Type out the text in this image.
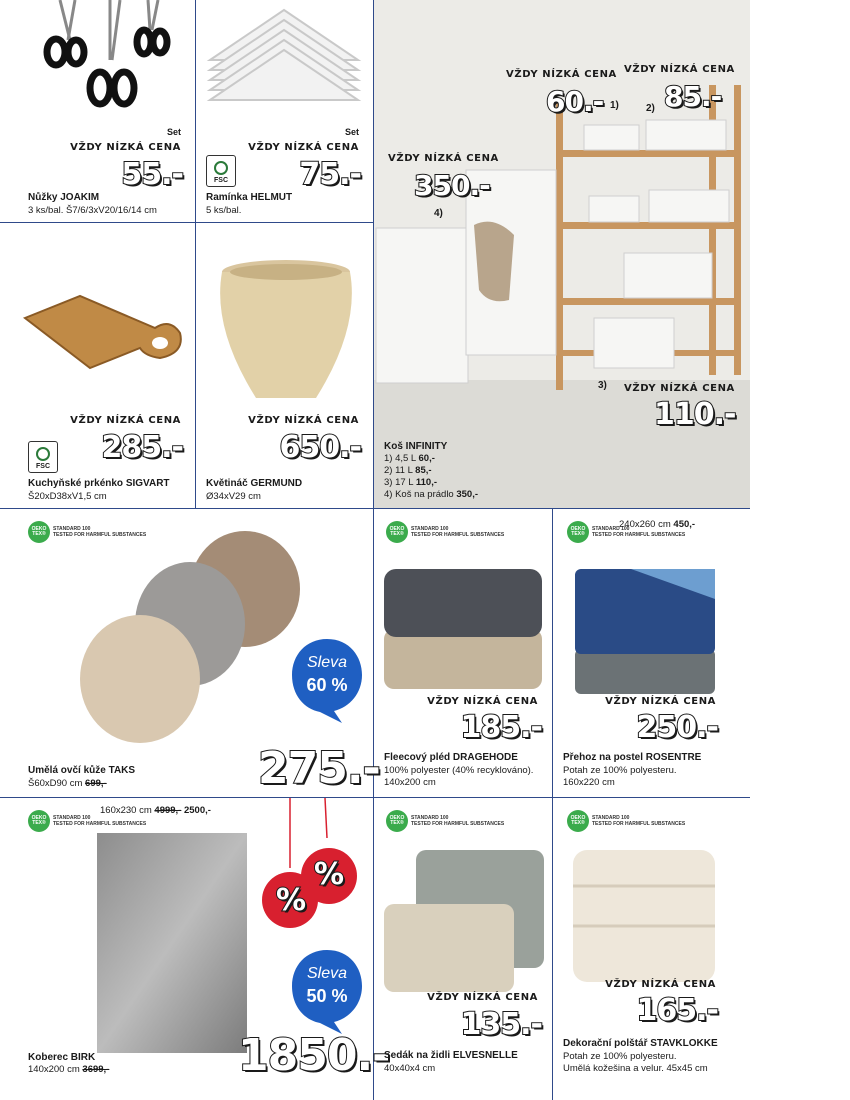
Set
VŽDY NÍZKÁ CENA
55.-
Nůžky JOAKIM
3 ks/bal. Š7/6/3xV20/16/14 cm
Set
VŽDY NÍZKÁ CENA
FSC 75.-
Ramínka HELMUT
5 ks/bal.
VŽDY NÍZKÁ CENA
FSC
285.-
Kuchyňské prkénko SIGVART
Š20xD38xV1,5 cm
VŽDY NÍZKÁ CENA
650.-
Květináč GERMUND
Ø34xV29 cm
VŽDY NÍZKÁ CENA VŽDY NÍZKÁ CENA
60.- 1) 85.-
2)
VŽDY NÍZKÁ CENA
350.-
4)
3) VŽDY NÍZKÁ CENA
110.-
Koš INFINITY
1) 4,5 L 60,-
2) 11 L 85,-
3) 17 L 110,-
4) Koš na prádlo 350,-
OEKO TEX®
STANDARD 100
TESTED FOR HARMFUL SUBSTANCES
Sleva
60 %
275.-
Umělá ovčí kůže TAKS
Š60xD90 cm 699,-
OEKO TEX®
STANDARD 100
TESTED FOR HARMFUL SUBSTANCES
VŽDY NÍZKÁ CENA
185.-
Fleecový pléd DRAGEHODE
100% polyester (40% recyklováno).
140x200 cm
OEKO TEX®
STANDARD 100
TESTED FOR HARMFUL SUBSTANCES
240x260 cm 450,-
VŽDY NÍZKÁ CENA
250.-
Přehoz na postel ROSENTRE
Potah ze 100% polyesteru.
160x220 cm
OEKO TEX®
STANDARD 100
TESTED FOR HARMFUL SUBSTANCES
160x230 cm 4999,- 2500,-
%
%
Sleva
50 %
1850.-
Koberec BIRK
140x200 cm 3699,-
OEKO TEX®
STANDARD 100
TESTED FOR HARMFUL SUBSTANCES
VŽDY NÍZKÁ CENA
135.-
Sedák na židli ELVESNELLE
40x40x4 cm
OEKO TEX®
STANDARD 100
TESTED FOR HARMFUL SUBSTANCES
VŽDY NÍZKÁ CENA
165.-
Dekorační polštář STAVKLOKKE
Potah ze 100% polyesteru.
Umělá kožešina a velur. 45x45 cm
